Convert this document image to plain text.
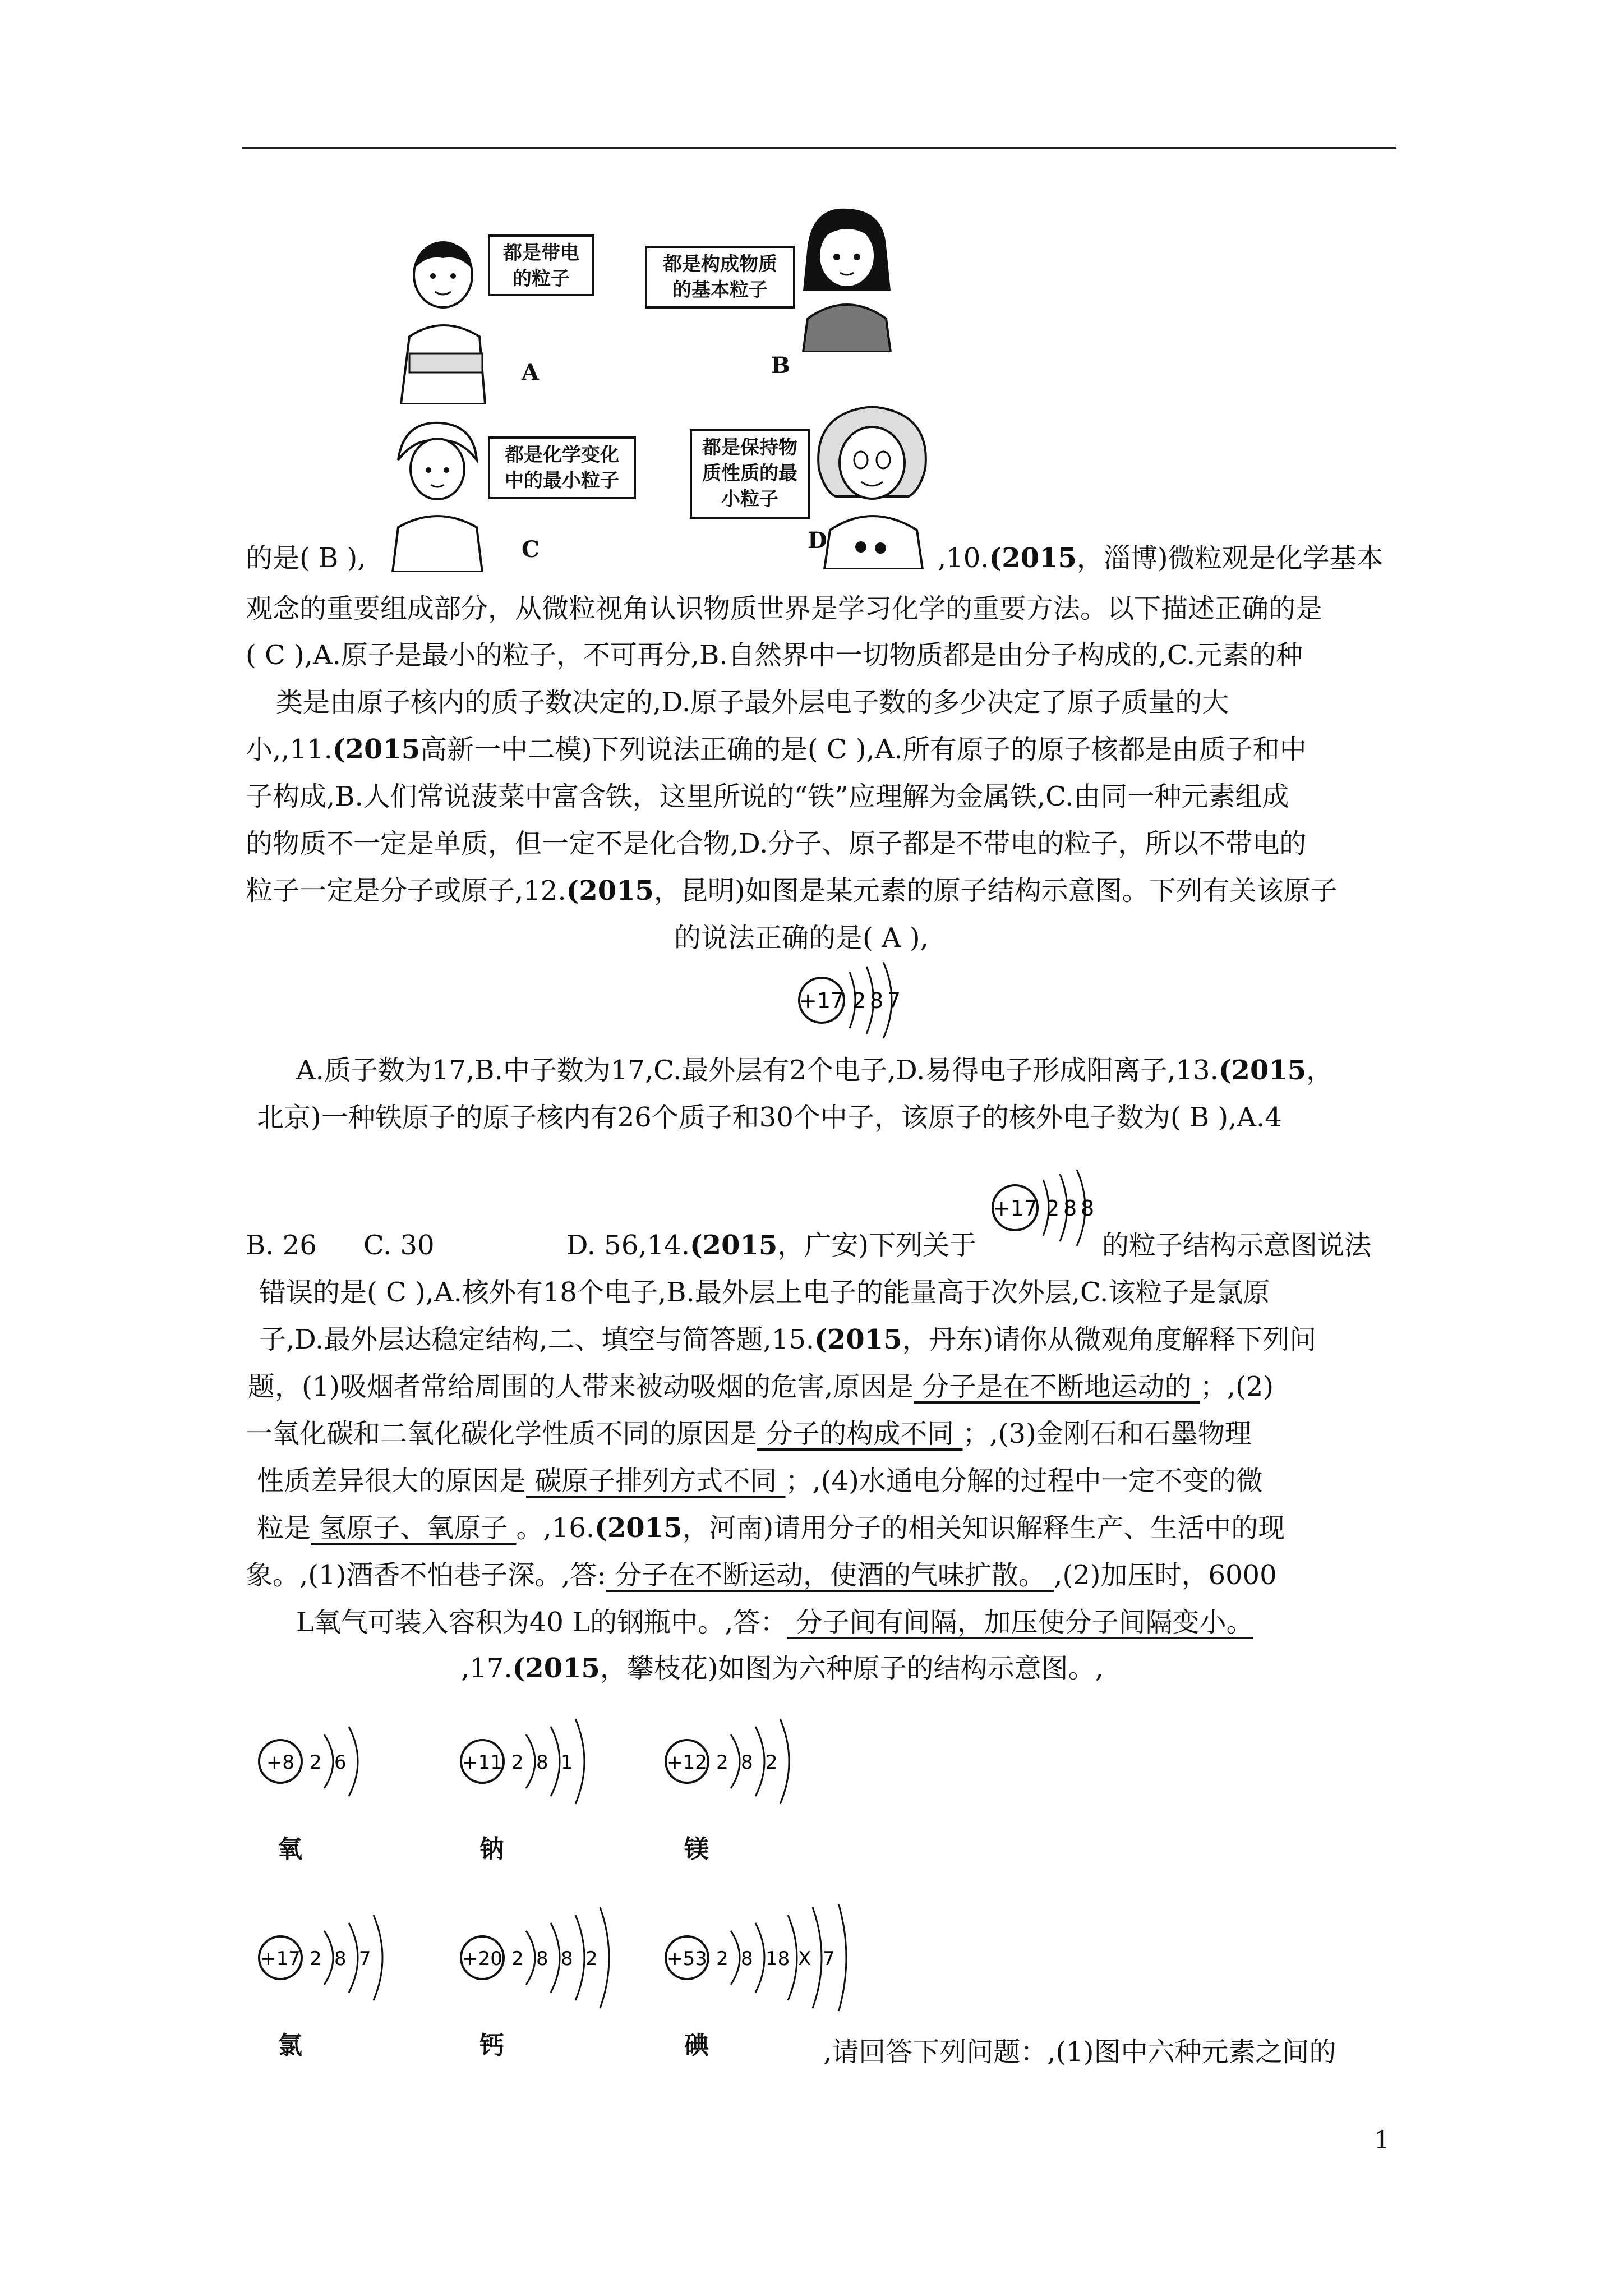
都是带电
的粒子
A
都是构成物质
的基本粒子
B
都是化学变化
中的最小粒子
C
都是保持物
质性质的最
小粒子
D
的是( B ),	,10.(2015，淄博)微粒观是化学基本
观念的重要组成部分，从微粒视角认识物质世界是学习化学的重要方法。以下描述正确的是
( C ),A.原子是最小的粒子，不可再分,B.自然界中一切物质都是由分子构成的,C.元素的种
类是由原子核内的质子数决定的,D.原子最外层电子数的多少决定了原子质量的大
小,,11.(2015高新一中二模)下列说法正确的是( C ),A.所有原子的原子核都是由质子和中
子构成,B.人们常说菠菜中富含铁，这里所说的“铁”应理解为金属铁,C.由同一种元素组成
的物质不一定是单质，但一定不是化合物,D.分子、原子都是不带电的粒子，所以不带电的
粒子一定是分子或原子,12.(2015，昆明)如图是某元素的原子结构示意图。下列有关该原子
的说法正确的是( A ),
+17 2 8 7
A.质子数为17,B.中子数为17,C.最外层有2个电子,D.易得电子形成阳离子,13.(2015，
北京)一种铁原子的原子核内有26个质子和30个中子，该原子的核外电子数为( B ),A.4
+17 2 8 8
B. 26 C. 30	D. 56,14.(2015，广安)下列关于	的粒子结构示意图说法
错误的是( C ),A.核外有18个电子,B.最外层上电子的能量高于次外层,C.该粒子是氯原
子,D.最外层达稳定结构,二、填空与简答题,15.(2015，丹东)请你从微观角度解释下列问
题，(1)吸烟者常给周围的人带来被动吸烟的危害,原因是 分子是在不断地运动的 ；,(2)
一氧化碳和二氧化碳化学性质不同的原因是 分子的构成不同 ；,(3)金刚石和石墨物理
性质差异很大的原因是 碳原子排列方式不同 ；,(4)水通电分解的过程中一定不变的微
粒是 氢原子、氧原子 。,16.(2015，河南)请用分子的相关知识解释生产、生活中的现
象。,(1)酒香不怕巷子深。,答: 分子在不断运动，使酒的气味扩散。 ,(2)加压时，6000
L氧气可装入容积为40 L的钢瓶中。,答： 分子间有间隔，加压使分子间隔变小。
,17.(2015，攀枝花)如图为六种原子的结构示意图。,
+8 2 6
氧
+11 2 8 1
钠
+12 2 8 2
镁
+17 2 8 7
氯
+20 2 8 8 2
钙
+53 2 8 18 X 7
碘	,请回答下列问题：,(1)图中六种元素之间的
1
